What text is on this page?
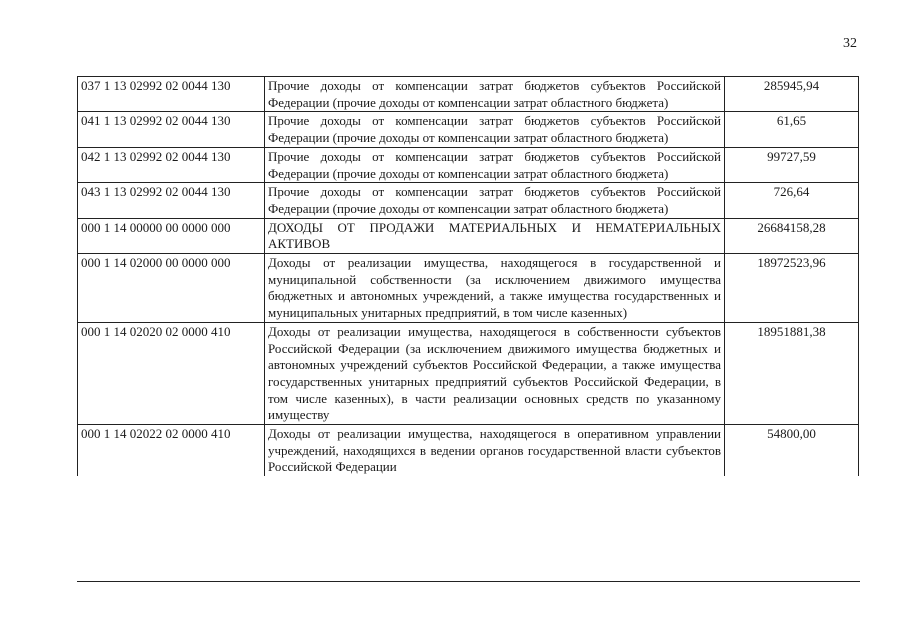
32
037 1 13 02992 02 0044 130	Прочие доходы от компенсации затрат бюджетов субъектов Российской Федерации (прочие доходы от компенсации затрат областного бюджета)	285945,94
041 1 13 02992 02 0044 130	Прочие доходы от компенсации затрат бюджетов субъектов Российской Федерации (прочие доходы от компенсации затрат областного бюджета)	61,65
042 1 13 02992 02 0044 130	Прочие доходы от компенсации затрат бюджетов субъектов Российской Федерации (прочие доходы от компенсации затрат областного бюджета)	99727,59
043 1 13 02992 02 0044 130	Прочие доходы от компенсации затрат бюджетов субъектов Российской Федерации (прочие доходы от компенсации затрат областного бюджета)	726,64
000 1 14 00000 00 0000 000	ДОХОДЫ ОТ ПРОДАЖИ МАТЕРИАЛЬНЫХ И НЕМАТЕРИАЛЬНЫХ АКТИВОВ	26684158,28
000 1 14 02000 00 0000 000	Доходы от реализации имущества, находящегося в государственной и муниципальной собственности (за исключением движимого имущества бюджетных и автономных учреждений, а также имущества государственных и муниципальных унитарных предприятий, в том числе казенных)	18972523,96
000 1 14 02020 02 0000 410	Доходы от реализации имущества, находящегося в собственности субъектов Российской Федерации (за исключением движимого имущества бюджетных и автономных учреждений субъектов Российской Федерации, а также имущества государственных унитарных предприятий субъектов Российской Федерации, в том числе казенных), в части реализации основных средств по указанному имуществу	18951881,38
000 1 14 02022 02 0000 410	Доходы от реализации имущества, находящегося в оперативном управлении учреждений, находящихся в ведении органов государственной власти субъектов Российской Федерации	54800,00
